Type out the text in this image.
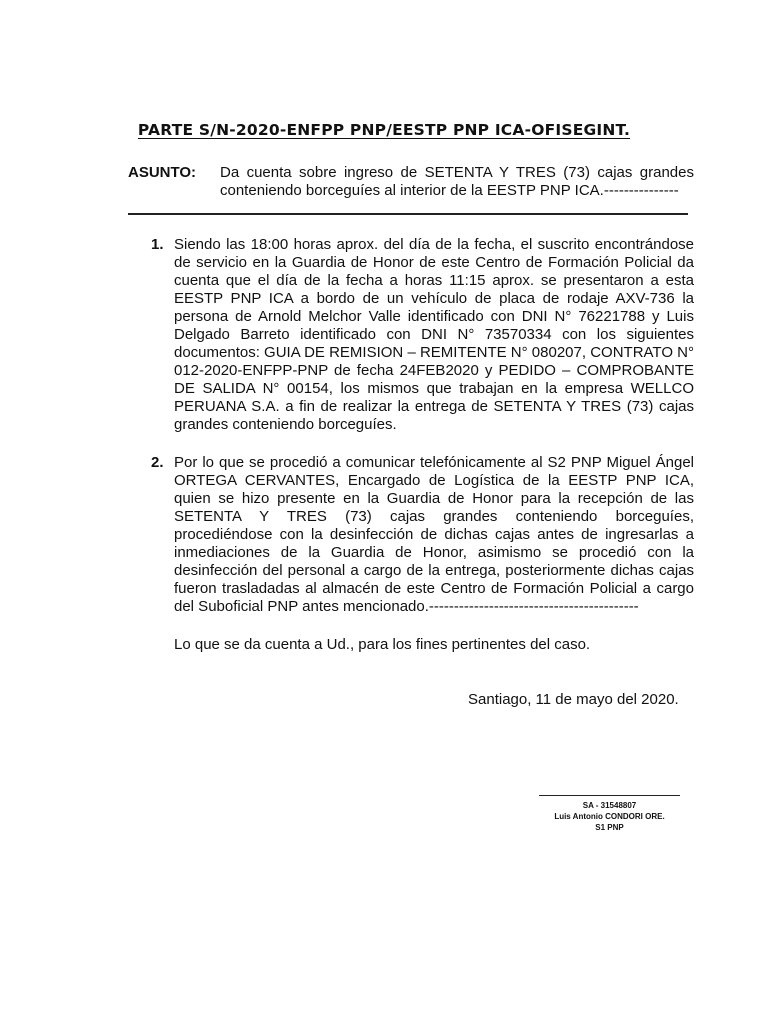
PARTE S/N-2020-ENFPP PNP/EESTP PNP ICA-OFISEGINT.
ASUNTO: Da cuenta sobre ingreso de SETENTA Y TRES (73) cajas grandes conteniendo borceguíes al interior de la EESTP PNP ICA.---------------
1. Siendo las 18:00 horas aprox. del día de la fecha, el suscrito encontrándose de servicio en la Guardia de Honor de este Centro de Formación Policial da cuenta que el día de la fecha a horas 11:15 aprox. se presentaron a esta EESTP PNP ICA a bordo de un vehículo de placa de rodaje AXV-736 la persona de Arnold Melchor Valle identificado con DNI N° 76221788 y Luis Delgado Barreto identificado con DNI N° 73570334 con los siguientes documentos: GUIA DE REMISION – REMITENTE N° 080207, CONTRATO N° 012-2020-ENFPP-PNP de fecha 24FEB2020 y PEDIDO – COMPROBANTE DE SALIDA N° 00154, los mismos que trabajan en la empresa WELLCO PERUANA S.A. a fin de realizar la entrega de SETENTA Y TRES (73) cajas grandes conteniendo borceguíes.
2. Por lo que se procedió a comunicar telefónicamente al S2 PNP Miguel Ángel ORTEGA CERVANTES, Encargado de Logística de la EESTP PNP ICA, quien se hizo presente en la Guardia de Honor para la recepción de las SETENTA Y TRES (73) cajas grandes conteniendo borceguíes, procediéndose con la desinfección de dichas cajas antes de ingresarlas a inmediaciones de la Guardia de Honor, asimismo se procedió con la desinfección del personal a cargo de la entrega, posteriormente dichas cajas fueron trasladadas al almacén de este Centro de Formación Policial a cargo del Suboficial PNP antes mencionado.------------------------------------------
Lo que se da cuenta a Ud., para los fines pertinentes del caso.
Santiago, 11 de mayo del 2020.
SA - 31548807
Luis Antonio CONDORI ORE.
S1 PNP
